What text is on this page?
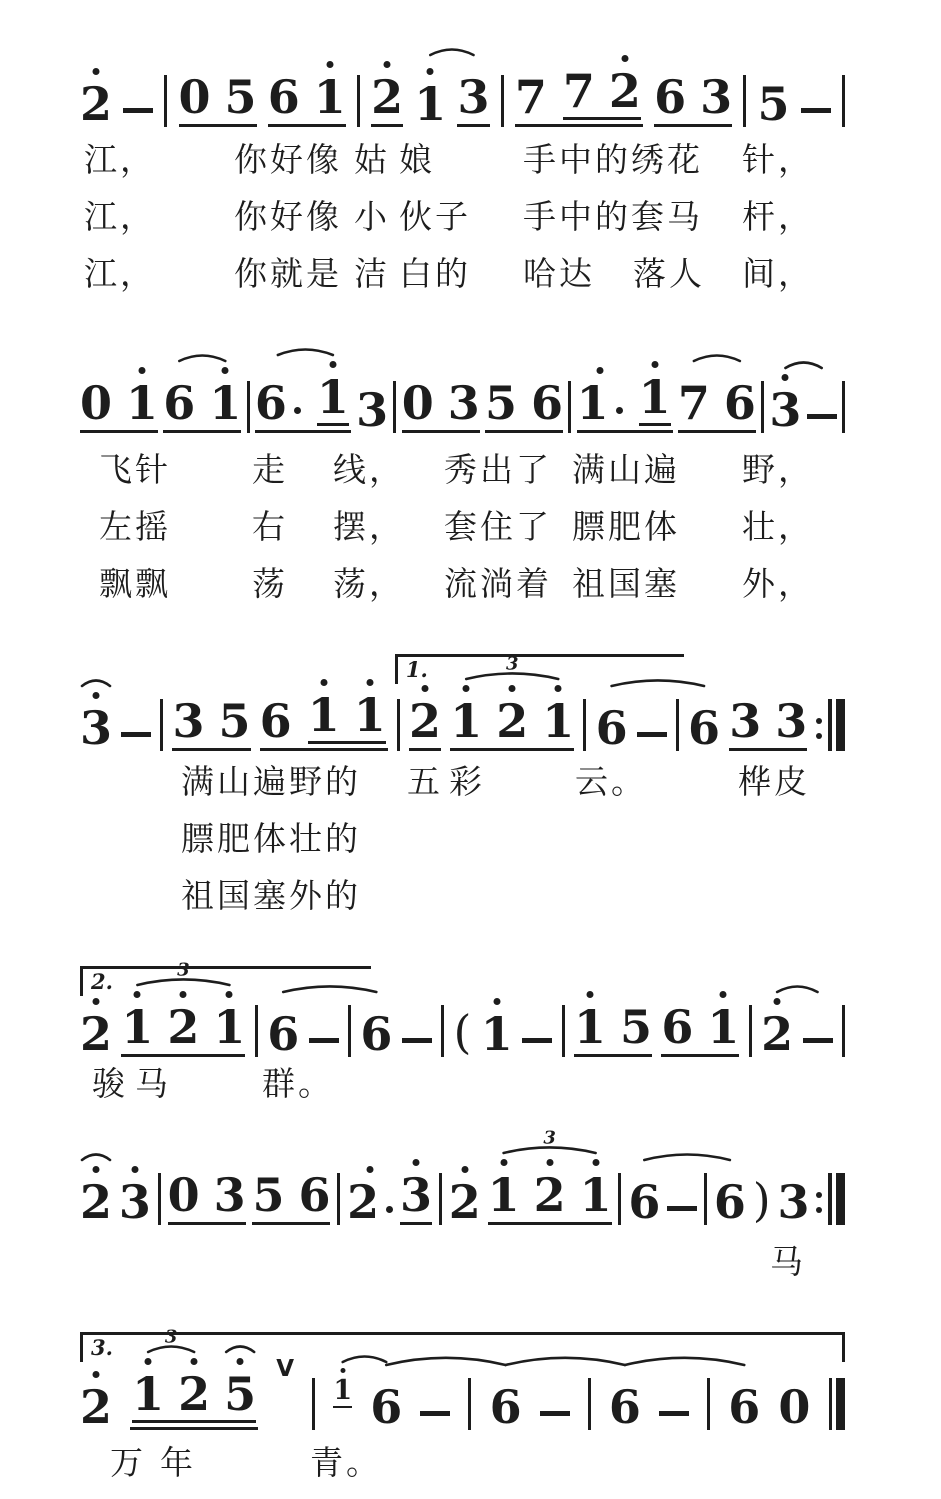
2 0 5 6 1 2 1 3 7 7 2 6 3 5
江， 你好像 姑 娘	手中的绣花 针，
江， 你好像 小 伙子 手中的套马 杆，
江， 你就是 洁 白的 哈达 落人 间，
0 1 6 1 6 1 3 0 3 5 6 1 1 7 6 3
飞针 走 线， 秀出了 满山遍 野，
左摇 右 摆， 套住了 膘肥体 壮，
飘飘 荡 荡， 流淌着 祖国塞 外，
3 3 5 6 1 1 2 1 2 1 6 6 3 3
3
1.
满山遍野的 五 彩	云。	桦皮
膘肥体壮的
祖国塞外的
2 1 2 1 6 6 ( 1 1 5 6 1 2
3
2.
骏 马	群。
2 3 0 3 5 6 2 3 2 1 2 1 6 6 ) 3
3
马
2 1 2 5 V
1 6 6 6 6 0
3
3.
万 年	青。
